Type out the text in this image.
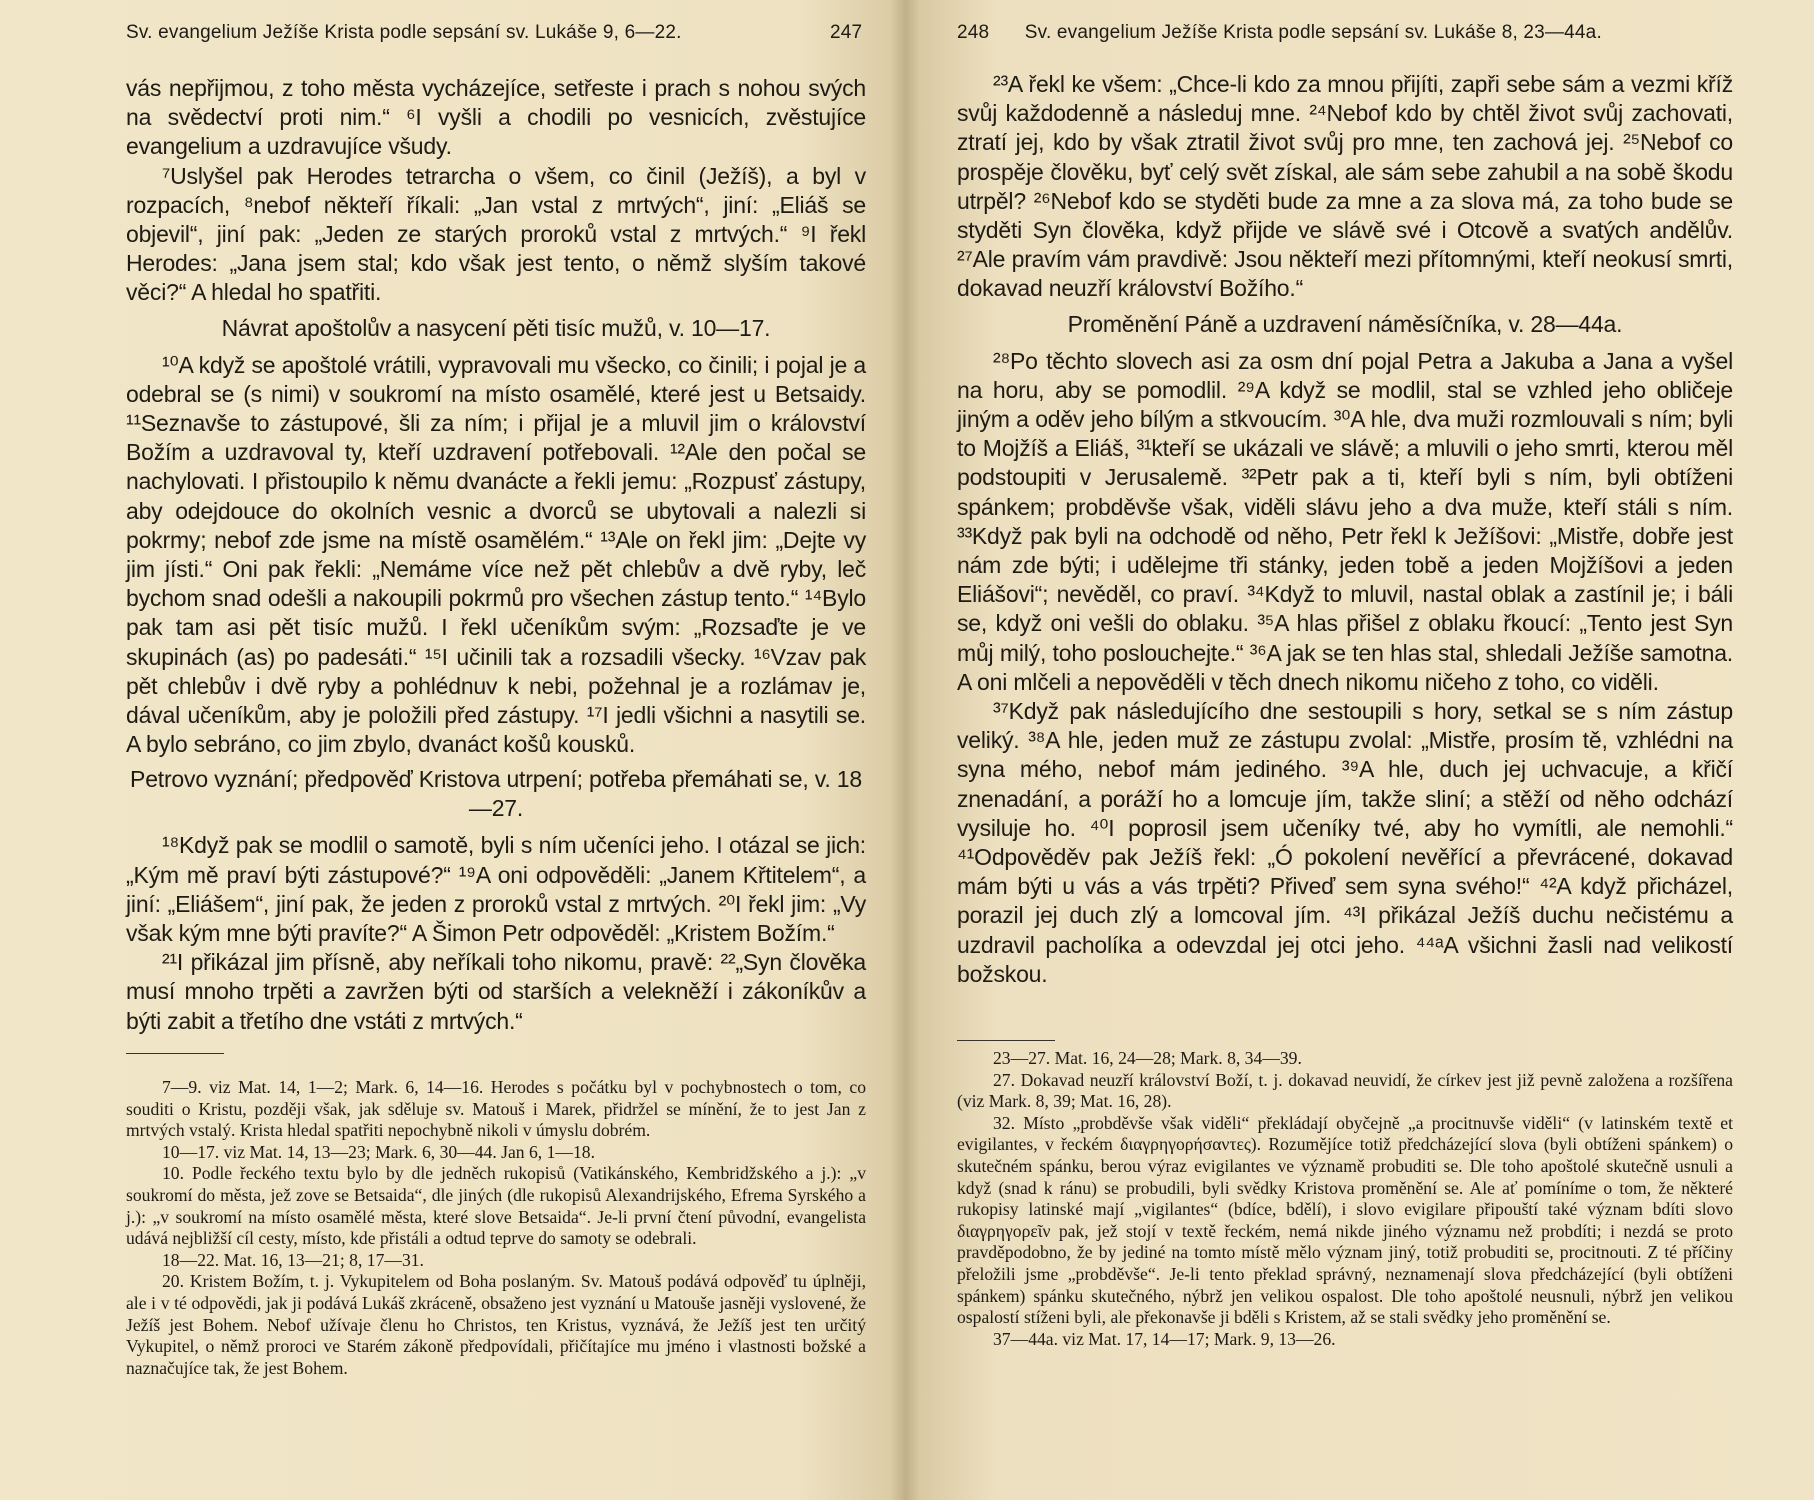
Sv. evangelium Ježíše Krista podle sepsání sv. Lukáše 9, 6—22.	247

vás nepřijmou, z toho města vycházejíce, setřeste i prach s nohou svých na svědectví proti nim.“ ⁶I vyšli a chodili po vesnicích, zvěstujíce evangelium a uzdravujíce všudy.

⁷Uslyšel pak Herodes tetrarcha o všem, co činil (Ježíš), a byl v rozpacích, ⁸nebof někteří říkali: „Jan vstal z mrtvých“, jiní: „Eliáš se objevil“, jiní pak: „Jeden ze starých proroků vstal z mrtvých.“ ⁹I řekl Herodes: „Jana jsem stal; kdo však jest tento, o němž slyším takové věci?“ A hledal ho spatřiti.

Návrat apoštolův a nasycení pěti tisíc mužů, v. 10—17.

¹⁰A když se apoštolé vrátili, vypravovali mu všecko, co činili; i pojal je a odebral se (s nimi) v soukromí na místo osamělé, které jest u Betsaidy. ¹¹Seznavše to zástupové, šli za ním; i přijal je a mluvil jim o království Božím a uzdravoval ty, kteří uzdravení potřebovali. ¹²Ale den počal se nachylovati. I přistoupilo k němu dvanácte a řekli jemu: „Rozpusť zástupy, aby odejdouce do okolních vesnic a dvorců se ubytovali a nalezli si pokrmy; nebof zde jsme na místě osamělém.“ ¹³Ale on řekl jim: „Dejte vy jim jísti.“ Oni pak řekli: „Nemáme více než pět chlebův a dvě ryby, leč bychom snad odešli a nakoupili pokrmů pro všechen zástup tento.“ ¹⁴Bylo pak tam asi pět tisíc mužů. I řekl učeníkům svým: „Rozsaďte je ve skupinách (as) po padesáti.“ ¹⁵I učinili tak a rozsadili všecky. ¹⁶Vzav pak pět chlebův i dvě ryby a pohlédnuv k nebi, požehnal je a rozlámav je, dával učeníkům, aby je položili před zástupy. ¹⁷I jedli všichni a nasytili se. A bylo sebráno, co jim zbylo, dvanáct košů kousků.

Petrovo vyznání; předpověď Kristova utrpení; potřeba přemáhati se, v. 18—27.

¹⁸Když pak se modlil o samotě, byli s ním učeníci jeho. I otázal se jich: „Kým mě praví býti zástupové?“ ¹⁹A oni odpověděli: „Janem Křtitelem“, a jiní: „Eliášem“, jiní pak, že jeden z proroků vstal z mrtvých. ²⁰I řekl jim: „Vy však kým mne býti pravíte?“ A Šimon Petr odpověděl: „Kristem Božím.“

²¹I přikázal jim přísně, aby neříkali toho nikomu, pravě: ²²„Syn člověka musí mnoho trpěti a zavržen býti od starších a velekněží i zákoníkův a býti zabit a třetího dne vstáti z mrtvých.“

7—9. viz Mat. 14, 1—2; Mark. 6, 14—16. Herodes s počátku byl v pochybnostech o tom, co souditi o Kristu, později však, jak sděluje sv. Matouš i Marek, přidržel se mínění, že to jest Jan z mrtvých vstalý. Krista hledal spatřiti nepochybně nikoli v úmyslu dobrém.

10—17. viz Mat. 14, 13—23; Mark. 6, 30—44. Jan 6, 1—18.

10. Podle řeckého textu bylo by dle jedněch rukopisů (Vatikánského, Kembridžského a j.): „v soukromí do města, jež zove se Betsaida“, dle jiných (dle rukopisů Alexandrijského, Efrema Syrského a j.): „v soukromí na místo osamělé města, které slove Betsaida“. Je-li první čtení původní, evangelista udává nejbližší cíl cesty, místo, kde přistáli a odtud teprve do samoty se odebrali.

18—22. Mat. 16, 13—21; 8, 17—31.

20. Kristem Božím, t. j. Vykupitelem od Boha poslaným. Sv. Matouš podává odpověď tu úplněji, ale i v té odpovědi, jak ji podává Lukáš zkráceně, obsaženo jest vyznání u Matouše jasněji vyslovené, že Ježíš jest Bohem. Nebof užívaje členu ho Christos, ten Kristus, vyznává, že Ježíš jest ten určitý Vykupitel, o němž proroci ve Starém zákoně předpovídali, přičítajíce mu jméno i vlastnosti božské a naznačujíce tak, že jest Bohem.

248 Sv. evangelium Ježíše Krista podle sepsání sv. Lukáše 8, 23—44a.

²³A řekl ke všem: „Chce-li kdo za mnou přijíti, zapři sebe sám a vezmi kříž svůj každodenně a následuj mne. ²⁴Nebof kdo by chtěl život svůj zachovati, ztratí jej, kdo by však ztratil život svůj pro mne, ten zachová jej. ²⁵Nebof co prospěje člověku, byť celý svět získal, ale sám sebe zahubil a na sobě škodu utrpěl? ²⁶Nebof kdo se styděti bude za mne a za slova má, za toho bude se styděti Syn člověka, když přijde ve slávě své i Otcově a svatých andělův. ²⁷Ale pravím vám pravdivě: Jsou někteří mezi přítomnými, kteří neokusí smrti, dokavad neuzří království Božího.“

Proměnění Páně a uzdravení náměsíčníka, v. 28—44a.

²⁸Po těchto slovech asi za osm dní pojal Petra a Jakuba a Jana a vyšel na horu, aby se pomodlil. ²⁹A když se modlil, stal se vzhled jeho obličeje jiným a oděv jeho bílým a stkvoucím. ³⁰A hle, dva muži rozmlouvali s ním; byli to Mojžíš a Eliáš, ³¹kteří se ukázali ve slávě; a mluvili o jeho smrti, kterou měl podstoupiti v Jerusalemě. ³²Petr pak a ti, kteří byli s ním, byli obtíženi spánkem; probděvše však, viděli slávu jeho a dva muže, kteří stáli s ním. ³³Když pak byli na odchodě od něho, Petr řekl k Ježíšovi: „Mistře, dobře jest nám zde býti; i udělejme tři stánky, jeden tobě a jeden Mojžíšovi a jeden Eliášovi“; nevěděl, co praví. ³⁴Když to mluvil, nastal oblak a zastínil je; i báli se, když oni vešli do oblaku. ³⁵A hlas přišel z oblaku řkoucí: „Tento jest Syn můj milý, toho poslouchejte.“ ³⁶A jak se ten hlas stal, shledali Ježíše samotna. A oni mlčeli a nepověděli v těch dnech nikomu ničeho z toho, co viděli.

³⁷Když pak následujícího dne sestoupili s hory, setkal se s ním zástup veliký. ³⁸A hle, jeden muž ze zástupu zvolal: „Mistře, prosím tě, vzhlédni na syna mého, nebof mám jediného. ³⁹A hle, duch jej uchvacuje, a křičí znenadání, a poráží ho a lomcuje jím, takže sliní; a stěží od něho odchází vysiluje ho. ⁴⁰I poprosil jsem učeníky tvé, aby ho vymítli, ale nemohli.“ ⁴¹Odpověděv pak Ježíš řekl: „Ó pokolení nevěřící a převrácené, dokavad mám býti u vás a vás trpěti? Přiveď sem syna svého!“ ⁴²A když přicházel, porazil jej duch zlý a lomcoval jím. ⁴³I přikázal Ježíš duchu nečistému a uzdravil pacholíka a odevzdal jej otci jeho. ⁴⁴ᵃA všichni žasli nad velikostí božskou.

23—27. Mat. 16, 24—28; Mark. 8, 34—39.

27. Dokavad neuzří království Boží, t. j. dokavad neuvidí, že církev jest již pevně založena a rozšířena (viz Mark. 8, 39; Mat. 16, 28).

32. Místo „probděvše však viděli“ překládají obyčejně „a procitnuvše viděli“ (v latinském textě et evigilantes, v řeckém διαγρηγορήσαντες). Rozumějíce totiž předcházející slova (byli obtíženi spánkem) o skutečném spánku, berou výraz evigilantes ve významě probuditi se. Dle toho apoštolé skutečně usnuli a když (snad k ránu) se probudili, byli svědky Kristova proměnění se. Ale ať pomíníme o tom, že některé rukopisy latinské mají „vigilantes“ (bdíce, bdělí), i slovo evigilare připouští také význam bdíti slovo διαγρηγορεῖν pak, jež stojí v textě řeckém, nemá nikde jiného významu než probdíti; i nezdá se proto pravděpodobno, že by jediné na tomto místě mělo význam jiný, totiž probuditi se, procitnouti. Z té příčiny přeložili jsme „probděvše“. Je-li tento překlad správný, neznamenají slova předcházející (byli obtíženi spánkem) spánku skutečného, nýbrž jen velikou ospalost. Dle toho apoštolé neusnuli, nýbrž jen velikou ospalostí stíženi byli, ale překonavše ji bděli s Kristem, až se stali svědky jeho proměnění se.

37—44a. viz Mat. 17, 14—17; Mark. 9, 13—26.
